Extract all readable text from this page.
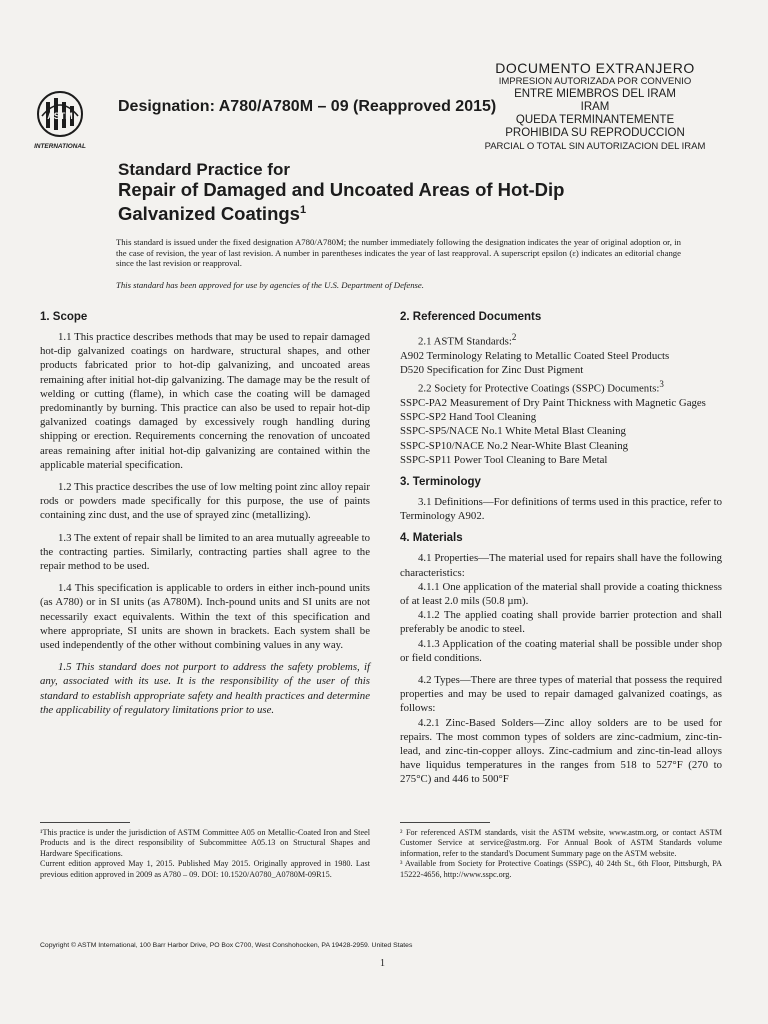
ASTM
INTERNATIONAL
Designation: A780/A780M – 09 (Reapproved 2015)
DOCUMENTO EXTRANJERO
IMPRESION AUTORIZADA POR CONVENIO
ENTRE MIEMBROS DEL IRAM
IRAM
QUEDA TERMINANTEMENTE
PROHIBIDA SU REPRODUCCION
PARCIAL O TOTAL SIN AUTORIZACION DEL IRAM
Standard Practice for
Repair of Damaged and Uncoated Areas of Hot-Dip
Galvanized Coatings$^1$
This standard is issued under the fixed designation A780/A780M; the number immediately following the designation indicates the year of original adoption or, in the case of revision, the year of last revision. A number in parentheses indicates the year of last reapproval. A superscript epsilon (ε) indicates an editorial change since the last revision or reapproval.
This standard has been approved for use by agencies of the U.S. Department of Defense.
1. Scope

1.1 This practice describes methods that may be used to repair damaged hot-dip galvanized coatings on hardware, structural shapes, and other products fabricated prior to hot-dip galvanizing, and uncoated areas remaining after initial hot-dip galvanizing. The damage may be the result of welding or cutting (flame), in which case the coating will be damaged predominantly by burning. This practice can also be used to repair hot-dip galvanized coatings damaged by excessively rough handling during shipping or erection. Requirements concerning the renovation of uncoated areas remaining after initial hot-dip galvanizing are contained within the applicable material specification.

1.2 This practice describes the use of low melting point zinc alloy repair rods or powders made specifically for this purpose, the use of paints containing zinc dust, and the use of sprayed zinc (metallizing).

1.3 The extent of repair shall be limited to an area mutually agreeable to the contracting parties. Similarly, contracting parties shall agree to the repair method to be used.

1.4 This specification is applicable to orders in either inch-pound units (as A780) or in SI units (as A780M). Inch-pound units and SI units are not necessarily exact equivalents. Within the text of this specification and where appropriate, SI units are shown in brackets. Each system shall be used independently of the other without combining values in any way.

1.5 This standard does not purport to address the safety problems, if any, associated with its use. It is the responsibility of the user of this standard to establish appropriate safety and health practices and determine the applicability of regulatory limitations prior to use.

2. Referenced Documents
2.1 ASTM Standards:$^2$
A902 Terminology Relating to Metallic Coated Steel Products
D520 Specification for Zinc Dust Pigment
2.2 Society for Protective Coatings (SSPC) Documents:$^3$
SSPC-PA2 Measurement of Dry Paint Thickness with Magnetic Gages
SSPC-SP2 Hand Tool Cleaning
SSPC-SP5/NACE No.1 White Metal Blast Cleaning
SSPC-SP10/NACE No.2 Near-White Blast Cleaning
SSPC-SP11 Power Tool Cleaning to Bare Metal
3. Terminology

3.1 Definitions—For definitions of terms used in this practice, refer to Terminology A902.

4. Materials

4.1 Properties—The material used for repairs shall have the following characteristics:

4.1.1 One application of the material shall provide a coating thickness of at least 2.0 mils (50.8 µm).

4.1.2 The applied coating shall provide barrier protection and shall preferably be anodic to steel.

4.1.3 Application of the coating material shall be possible under shop or field conditions.

4.2 Types—There are three types of material that possess the required properties and may be used to repair damaged galvanized coatings, as follows:

4.2.1 Zinc-Based Solders—Zinc alloy solders are to be used for repairs. The most common types of solders are zinc-cadmium, zinc-tin-lead, and zinc-tin-copper alloys. Zinc-cadmium and zinc-tin-lead alloys have liquidus temperatures in the ranges from 518 to 527°F (270 to 275°C) and 446 to 500°F

¹This practice is under the jurisdiction of ASTM Committee A05 on Metallic-Coated Iron and Steel Products and is the direct responsibility of Subcommittee A05.13 on Structural Shapes and Hardware Specifications.

Current edition approved May 1, 2015. Published May 2015. Originally approved in 1980. Last previous edition approved in 2009 as A780 – 09. DOI: 10.1520/A0780_A0780M-09R15.

² For referenced ASTM standards, visit the ASTM website, www.astm.org, or contact ASTM Customer Service at service@astm.org. For Annual Book of ASTM Standards volume information, refer to the standard's Document Summary page on the ASTM website.

³ Available from Society for Protective Coatings (SSPC), 40 24th St., 6th Floor, Pittsburgh, PA 15222-4656, http://www.sspc.org.

Copyright © ASTM International, 100 Barr Harbor Drive, PO Box C700, West Conshohocken, PA 19428-2959. United States
1
